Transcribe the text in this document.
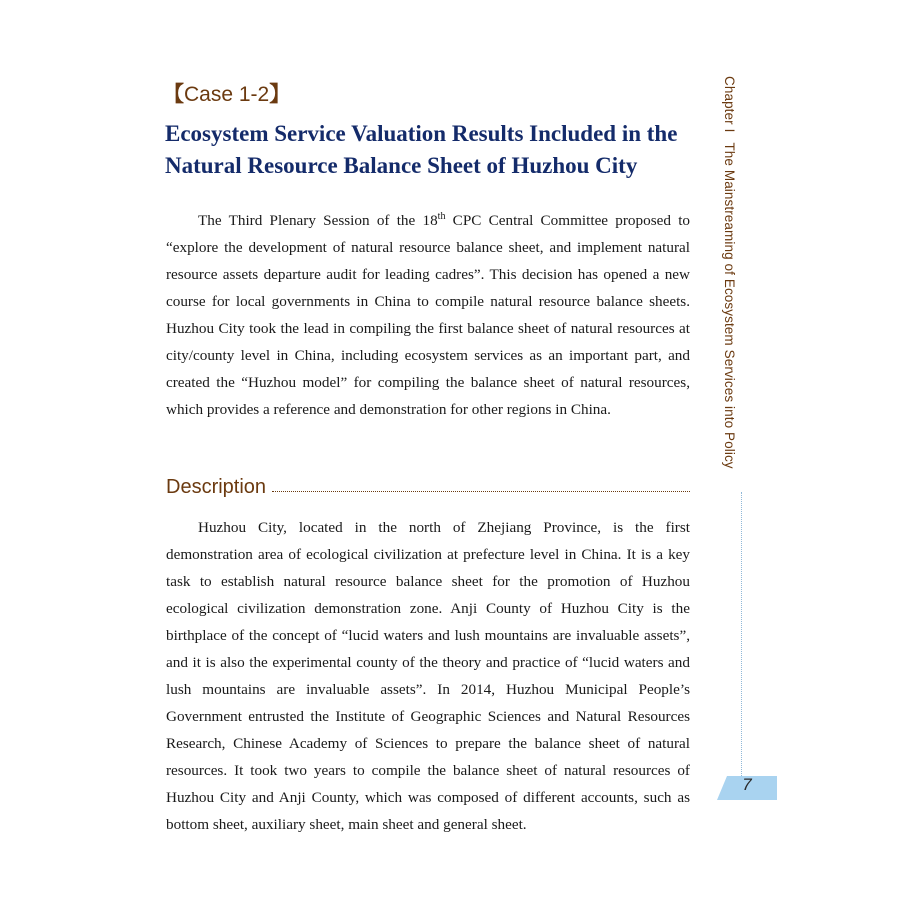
【Case 1-2】
Ecosystem Service Valuation Results Included in the Natural Resource Balance Sheet of Huzhou City

The Third Plenary Session of the 18th CPC Central Committee proposed to “explore the development of natural resource balance sheet, and implement natural resource assets departure audit for leading cadres”. This decision has opened a new course for local governments in China to compile natural resource balance sheets. Huzhou City took the lead in compiling the first balance sheet of natural resources at city/county level in China, including ecosystem services as an important part, and created the “Huzhou model” for compiling the balance sheet of natural resources, which provides a reference and demonstration for other regions in China.

Description

Huzhou City, located in the north of Zhejiang Province, is the first demonstration area of ecological civilization at prefecture level in China. It is a key task to establish natural resource balance sheet for the promotion of Huzhou ecological civilization demonstration zone. Anji County of Huzhou City is the birthplace of the concept of “lucid waters and lush mountains are invaluable assets”, and it is also the experimental county of the theory and practice of “lucid waters and lush mountains are invaluable assets”. In 2014, Huzhou Municipal People’s Government entrusted the Institute of Geographic Sciences and Natural Resources Research, Chinese Academy of Sciences to prepare the balance sheet of natural resources. It took two years to compile the balance sheet of natural resources of Huzhou City and Anji County, which was composed of different accounts, such as bottom sheet, auxiliary sheet, main sheet and general sheet.

Chapter IThe Mainstreaming of Ecosystem Services into Policy
7
